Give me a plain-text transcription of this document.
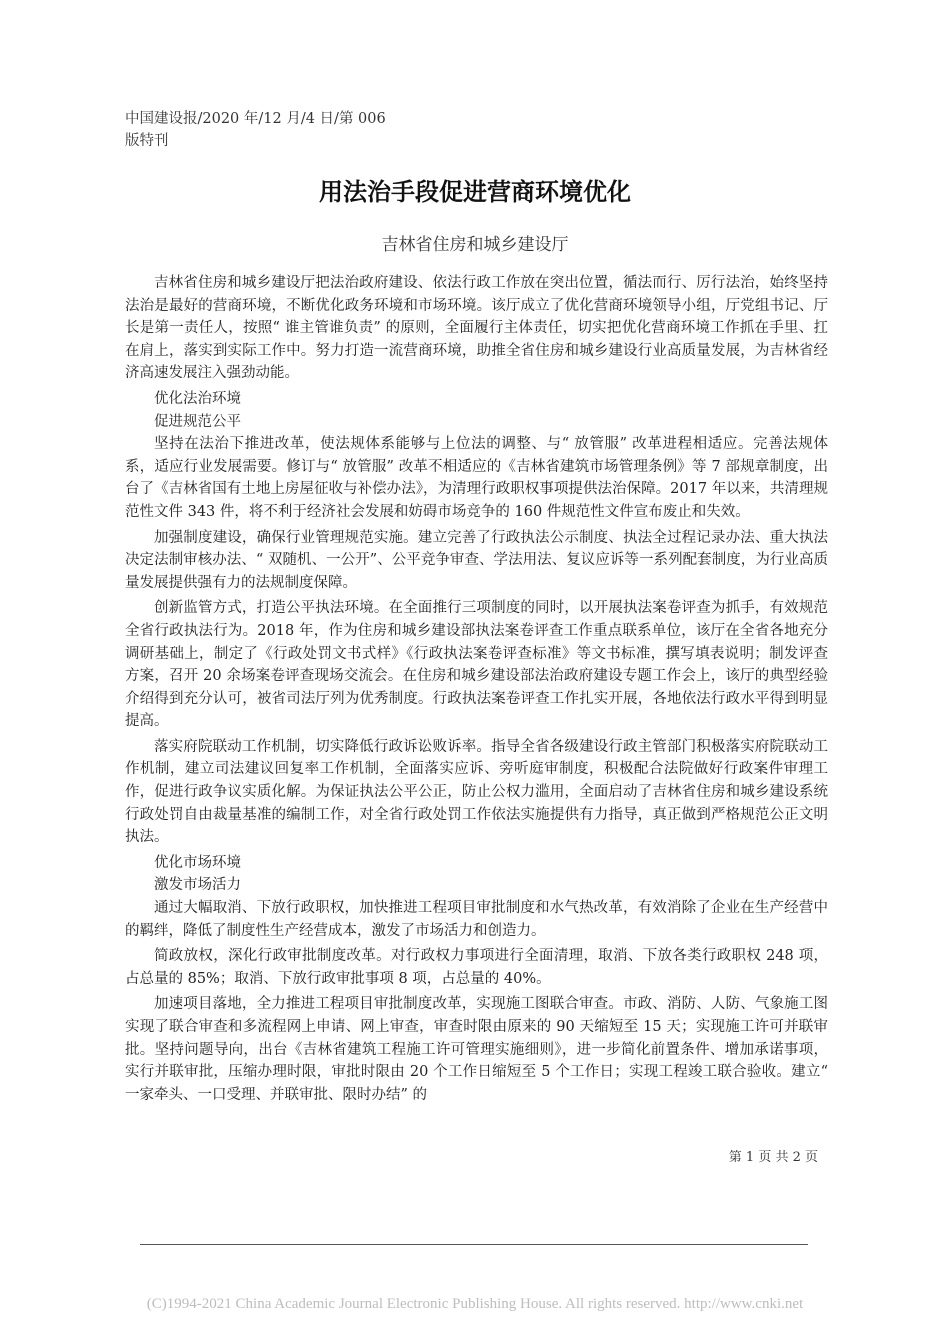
中国建设报/2020 年/12 月/4 日/第 006
版特刊
用法治手段促进营商环境优化
吉林省住房和城乡建设厅

吉林省住房和城乡建设厅把法治政府建设、依法行政工作放在突出位置，循法而行、厉行法治，始终坚持法治是最好的营商环境，不断优化政务环境和市场环境。该厅成立了优化营商环境领导小组，厅党组书记、厅长是第一责任人，按照“ 谁主管谁负责” 的原则，全面履行主体责任，切实把优化营商环境工作抓在手里、扛在肩上，落实到实际工作中。努力打造一流营商环境，助推全省住房和城乡建设行业高质量发展，为吉林省经济高速发展注入强劲动能。

优化法治环境

促进规范公平

坚持在法治下推进改革，使法规体系能够与上位法的调整、与“ 放管服” 改革进程相适应。完善法规体系，适应行业发展需要。修订与“ 放管服” 改革不相适应的《吉林省建筑市场管理条例》等 7 部规章制度，出台了《吉林省国有土地上房屋征收与补偿办法》，为清理行政职权事项提供法治保障。2017 年以来，共清理规范性文件 343 件，将不利于经济社会发展和妨碍市场竞争的 160 件规范性文件宣布废止和失效。

加强制度建设，确保行业管理规范实施。建立完善了行政执法公示制度、执法全过程记录办法、重大执法决定法制审核办法、“ 双随机、一公开”、公平竞争审查、学法用法、复议应诉等一系列配套制度，为行业高质量发展提供强有力的法规制度保障。

创新监管方式，打造公平执法环境。在全面推行三项制度的同时，以开展执法案卷评查为抓手，有效规范全省行政执法行为。2018 年，作为住房和城乡建设部执法案卷评查工作重点联系单位，该厅在全省各地充分调研基础上，制定了《行政处罚文书式样》《行政执法案卷评查标准》等文书标准，撰写填表说明；制发评查方案，召开 20 余场案卷评查现场交流会。在住房和城乡建设部法治政府建设专题工作会上，该厅的典型经验介绍得到充分认可，被省司法厅列为优秀制度。行政执法案卷评查工作扎实开展，各地依法行政水平得到明显提高。

落实府院联动工作机制，切实降低行政诉讼败诉率。指导全省各级建设行政主管部门积极落实府院联动工作机制，建立司法建议回复率工作机制，全面落实应诉、旁听庭审制度，积极配合法院做好行政案件审理工作，促进行政争议实质化解。为保证执法公平公正，防止公权力滥用，全面启动了吉林省住房和城乡建设系统行政处罚自由裁量基准的编制工作，对全省行政处罚工作依法实施提供有力指导，真正做到严格规范公正文明执法。

优化市场环境

激发市场活力

通过大幅取消、下放行政职权，加快推进工程项目审批制度和水气热改革，有效消除了企业在生产经营中的羁绊，降低了制度性生产经营成本，激发了市场活力和创造力。

简政放权，深化行政审批制度改革。对行政权力事项进行全面清理，取消、下放各类行政职权 248 项，占总量的 85%；取消、下放行政审批事项 8 项，占总量的 40%。

加速项目落地，全力推进工程项目审批制度改革，实现施工图联合审查。市政、消防、人防、气象施工图实现了联合审查和多流程网上申请、网上审查，审查时限由原来的 90 天缩短至 15 天；实现施工许可并联审批。坚持问题导向，出台《吉林省建筑工程施工许可管理实施细则》，进一步简化前置条件、增加承诺事项，实行并联审批，压缩办理时限，审批时限由 20 个工作日缩短至 5 个工作日；实现工程竣工联合验收。建立“ 一家牵头、一口受理、并联审批、限时办结” 的

第 1 页 共 2 页
(C)1994-2021 China Academic Journal Electronic Publishing House. All rights reserved. http://www.cnki.net
